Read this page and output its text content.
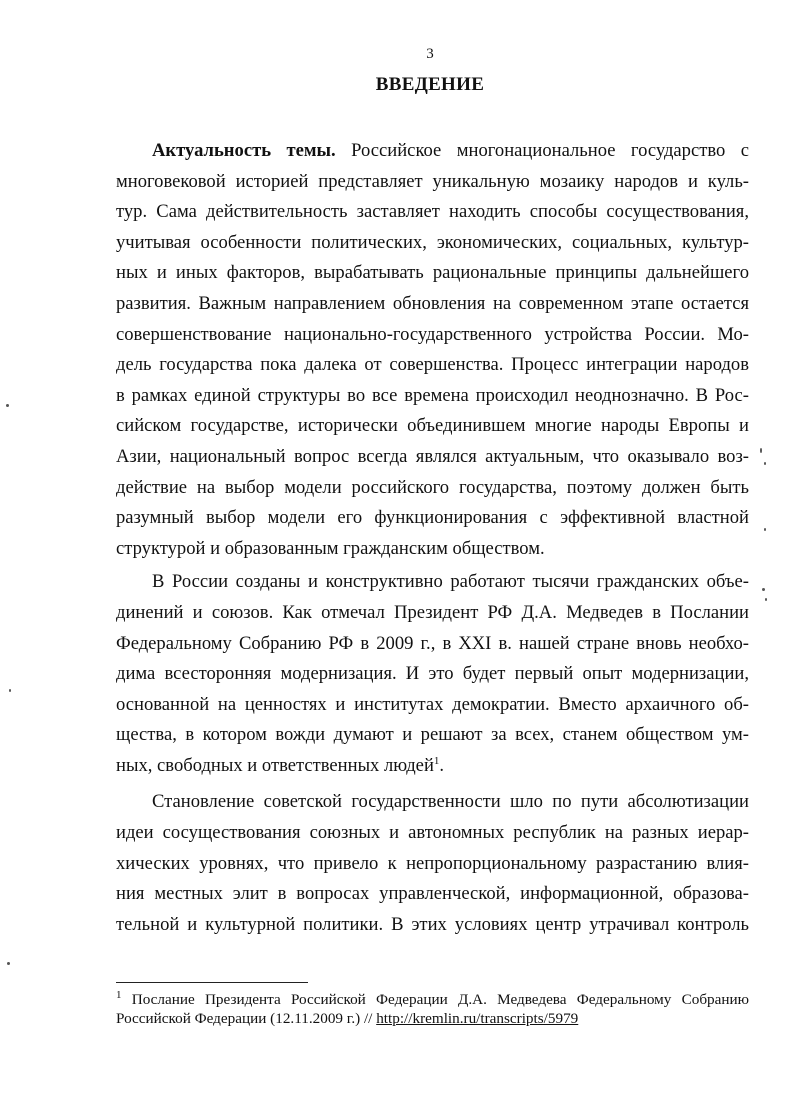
3
ВВЕДЕНИЕ
Актуальность темы. Российское многонациональное государство с
многовековой историей представляет уникальную мозаику народов и куль-
тур. Сама действительность заставляет находить способы сосуществования,
учитывая особенности политических, экономических, социальных, культур-
ных и иных факторов, вырабатывать рациональные принципы дальнейшего
развития. Важным направлением обновления на современном этапе остается
совершенствование национально-государственного устройства России. Мо-
дель государства пока далека от совершенства. Процесс интеграции народов
в рамках единой структуры во все времена происходил неоднозначно. В Рос-
сийском государстве, исторически объединившем многие народы Европы и
Азии, национальный вопрос всегда являлся актуальным, что оказывало воз-
действие на выбор модели российского государства, поэтому должен быть
разумный выбор модели его функционирования с эффективной властной
структурой и образованным гражданским обществом.
В России созданы и конструктивно работают тысячи гражданских объе-
динений и союзов. Как отмечал Президент РФ Д.А. Медведев в Послании
Федеральному Собранию РФ в 2009 г., в XXI в. нашей стране вновь необхо-
дима всесторонняя модернизация. И это будет первый опыт модернизации,
основанной на ценностях и институтах демократии. Вместо архаичного об-
щества, в котором вожди думают и решают за всех, станем обществом ум-
ных, свободных и ответственных людей$^1$.
Становление советской государственности шло по пути абсолютизации
идеи сосуществования союзных и автономных республик на разных иерар-
хических уровнях, что привело к непропорциональному разрастанию влия-
ния местных элит в вопросах управленческой, информационной, образова-
тельной и культурной политики. В этих условиях центр утрачивал контроль
$^1$ Послание Президента Российской Федерации Д.А. Медведева Федеральному Собранию
Российской Федерации (12.11.2009 г.) // http://kremlin.ru/transcripts/5979
